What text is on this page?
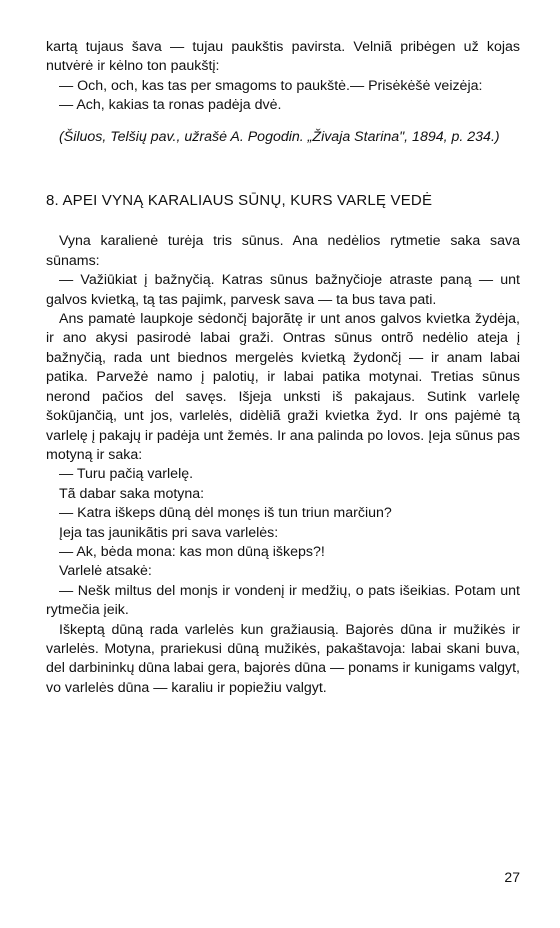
kartą tujaus šava — tujau paukštis pavirsta. Velniã pribėgen už kojas nutvėrė ir kėlno ton paukštį:

— Och, och, kas tas per smagoms to paukštė.— Prisėkėšė veizėja:

— Ach, kakias ta ronas padėja dvė.

(Šiluos, Telšių pav., užrašė A. Pogodin. „Živaja Starina", 1894, p. 234.)

8. APEI VYNĄ KARALIAUS SŪNŲ, KURS VARLĘ VEDĖ

Vyna karalienė turėja tris sūnus. Ana nedėlios rytmetie saka sava sūnams:

— Važiūkiat į bažnyčią. Katras sūnus bažnyčioje atraste paną — unt galvos kvietką, tą tas pajimk, parvesk sava — ta bus tava pati.

Ans pamatė laupkoje sėdončį bajorãtę ir unt anos galvos kvietka žydėja, ir ano akysi pasirodė labai graži. Ontras sūnus ontrõ nedėlio ateja į bažnyčią, rada unt biednos mergelės kvietką žydončį — ir anam labai patika. Parvežė namo į palotių, ir labai patika motynai. Tretias sūnus nerond pačios del savęs. Išjeja unksti iš pakajaus. Sutink varlelę šokūjančią, unt jos, varlelės, didèliã graži kvietka žyd. Ir ons pajėmė tą varlelę į pakajų ir padėja unt žemės. Ir ana palinda po lovos. Įeja sūnus pas motyną ir saka:

— Turu pačią varlelę.

Tã dabar saka motyna:

— Katra iškeps dūną dėl monęs iš tun triun marčiun?

Įeja tas jaunikãtis pri sava varlelės:

— Ak, bėda mona: kas mon dūną iškeps?!

Varlelė atsakė:

— Nešk miltus del monįs ir vondenį ir medžių, o pats išeikias. Potam unt rytmečia įeik.

Iškeptą dūną rada varlelės kun gražiausią. Bajorės dūna ir mužikės ir varlelės. Motyna, prariekusi dūną mužikės, pakaštavoja: labai skani buva, del darbininkų dūna labai gera, bajorės dūna — ponams ir kunigams valgyt, vo varlelės dūna — karaliu ir popiežiu valgyt.

27
